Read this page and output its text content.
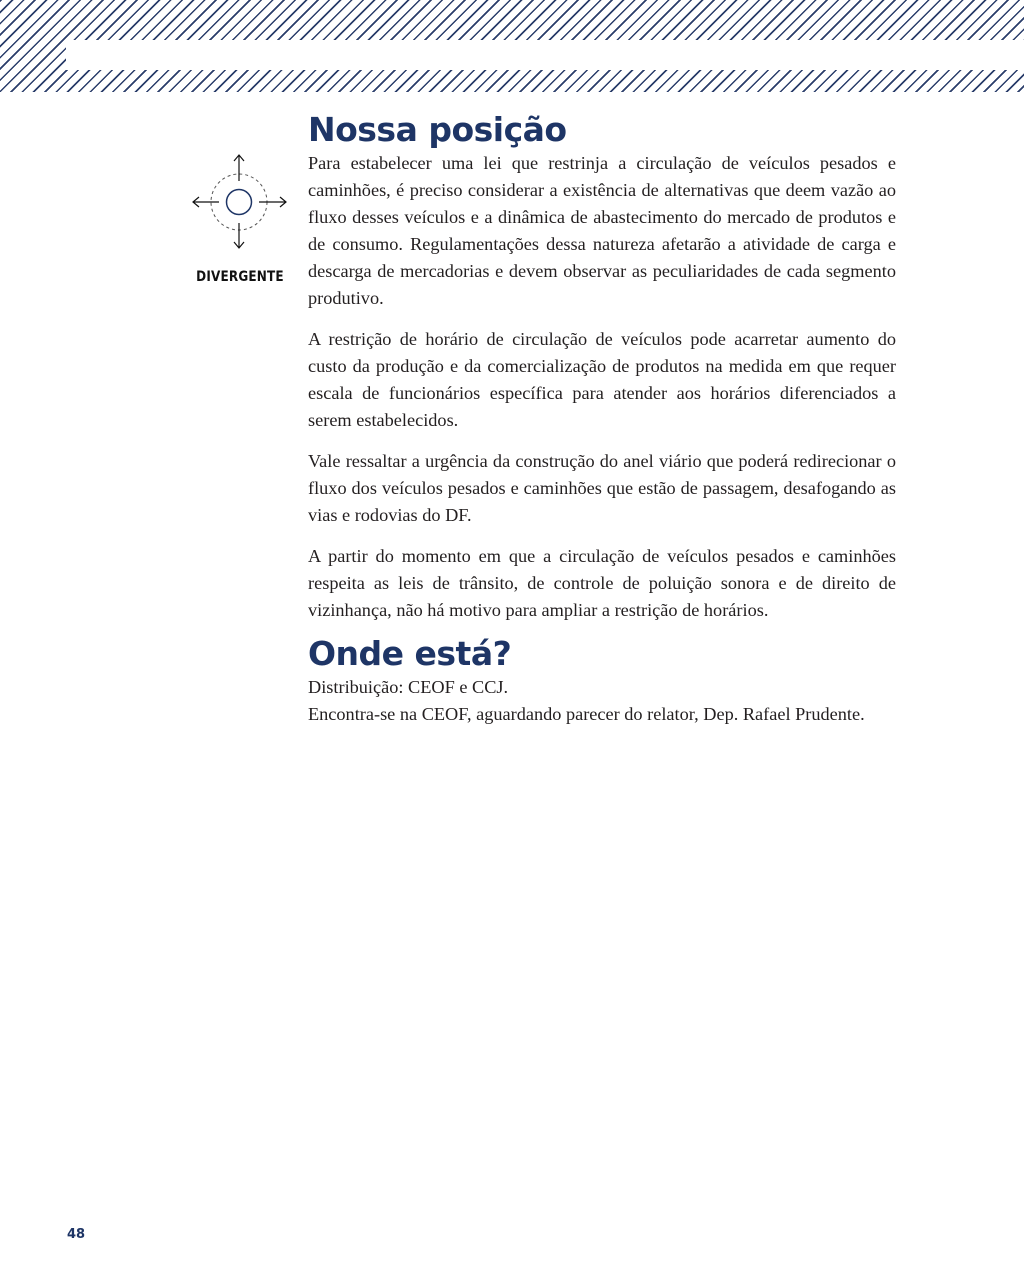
DIVERGENTE
Nossa posição

Para estabelecer uma lei que restrinja a circulação de veículos pesados e caminhões, é preciso considerar a existência de alternativas que deem vazão ao fluxo desses veículos e a dinâmica de abastecimento do mercado de produtos e de consumo. Regulamentações dessa natureza afetarão a atividade de carga e descarga de mercadorias e devem observar as peculiaridades de cada segmento produtivo.

A restrição de horário de circulação de veículos pode acarretar aumento do custo da produção e da comercialização de produtos na medida em que requer escala de funcionários específica para atender aos horários diferenciados a serem estabelecidos.

Vale ressaltar a urgência da construção do anel viário que poderá redirecionar o fluxo dos veículos pesados e caminhões que estão de passagem, desafogando as vias e rodovias do DF.

A partir do momento em que a circulação de veículos pesados e caminhões respeita as leis de trânsito, de controle de poluição sonora e de direito de vizinhança, não há motivo para ampliar a restrição de horários.

Onde está?
Distribuição: CEOF e CCJ.
Encontra-se na CEOF, aguardando parecer do relator, Dep. Rafael Prudente.
48
